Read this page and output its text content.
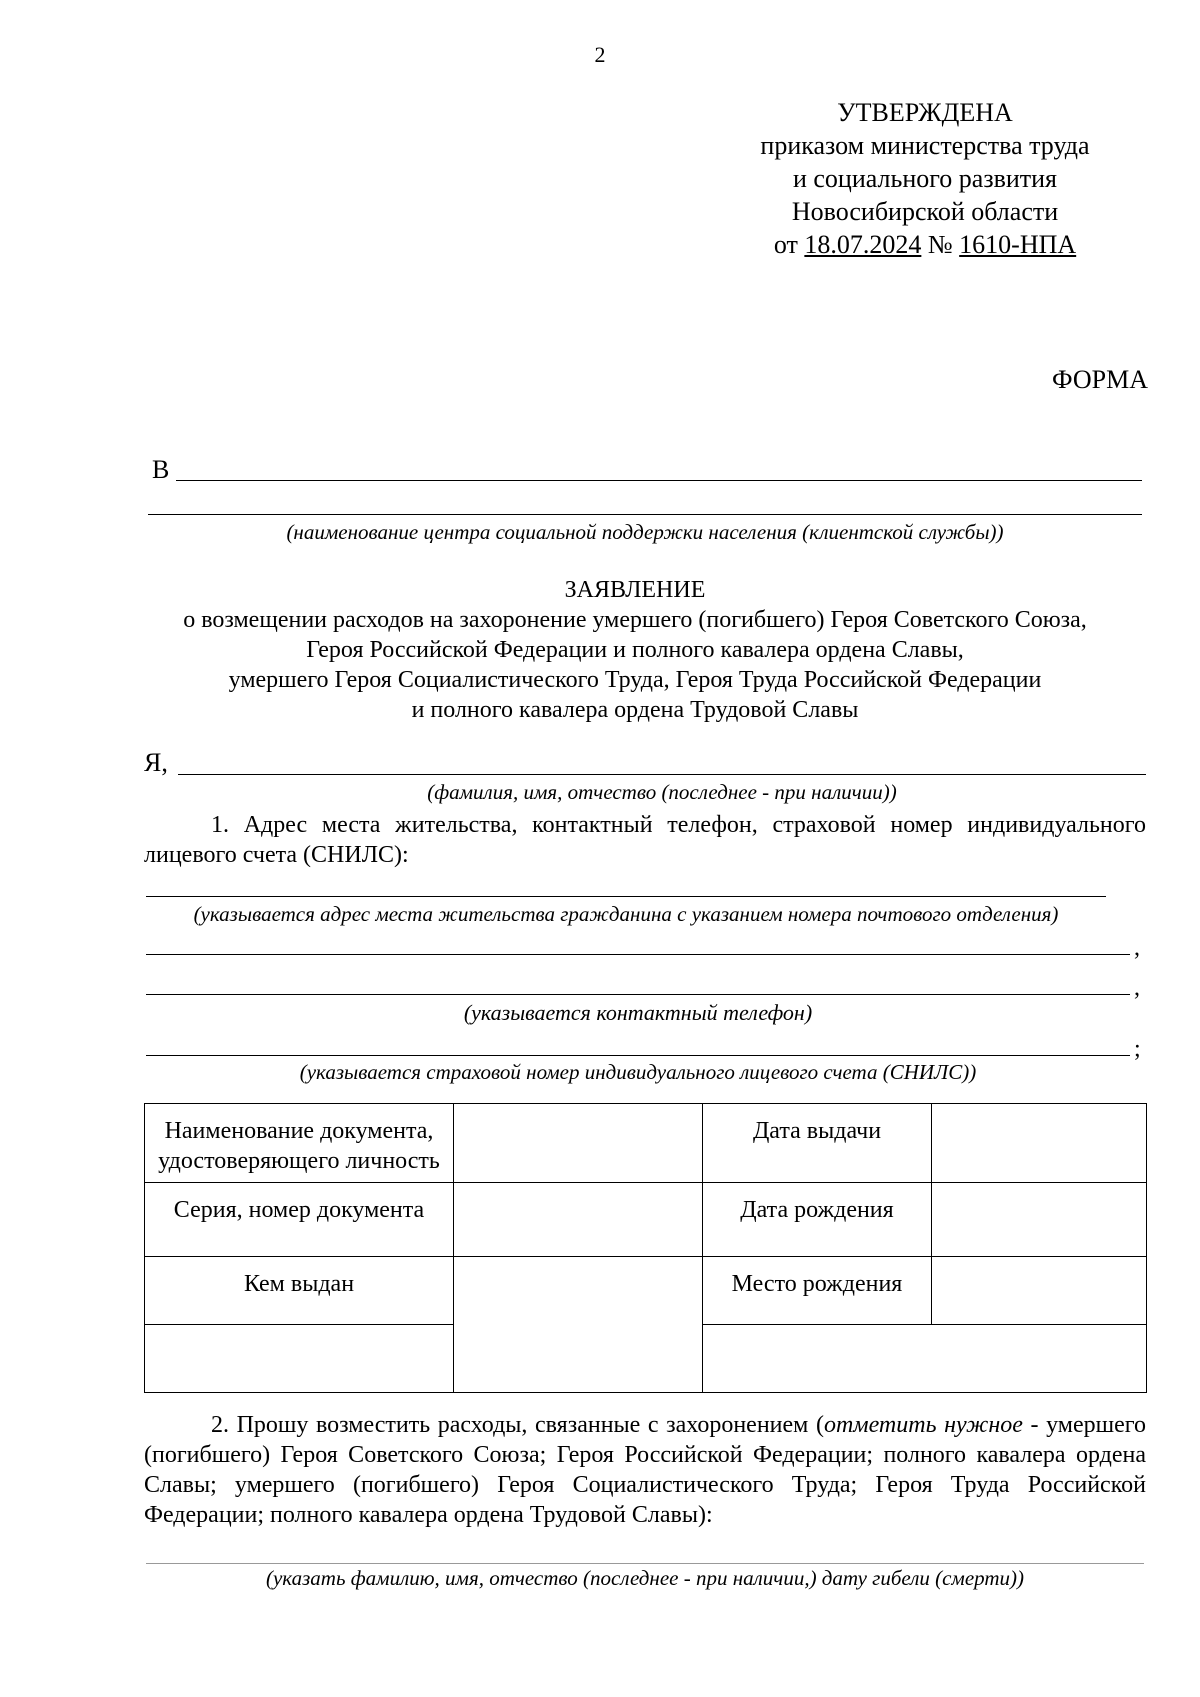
2
УТВЕРЖДЕНА
приказом министерства труда
и социального развития
Новосибирской области
от 18.07.2024 № 1610-НПА
ФОРМА
В
(наименование центра социальной поддержки населения (клиентской службы))
ЗАЯВЛЕНИЕ
о возмещении расходов на захоронение умершего (погибшего) Героя Советского Союза,
Героя Российской Федерации и полного кавалера ордена Славы,
умершего Героя Социалистического Труда, Героя Труда Российской Федерации
и полного кавалера ордена Трудовой Славы
Я,
(фамилия, имя, отчество (последнее - при наличии))
1. Адрес места жительства, контактный телефон, страховой номер индивидуального лицевого счета (СНИЛС):
(указывается адрес места жительства гражданина с указанием номера почтового отделения)
,
,
(указывается контактный телефон)
;
(указывается страховой номер индивидуального лицевого счета (СНИЛС))
Наименование документа, удостоверяющего личность		Дата выдачи	
Серия, номер документа		Дата рождения	
Кем выдан		Место рождения	

2. Прошу возместить расходы, связанные с захоронением (отметить нужное - умершего (погибшего) Героя Советского Союза; Героя Российской Федерации; полного кавалера ордена Славы; умершего (погибшего) Героя Социалистического Труда; Героя Труда Российской Федерации; полного кавалера ордена Трудовой Славы):
(указать фамилию, имя, отчество (последнее - при наличии,) дату гибели (смерти))
